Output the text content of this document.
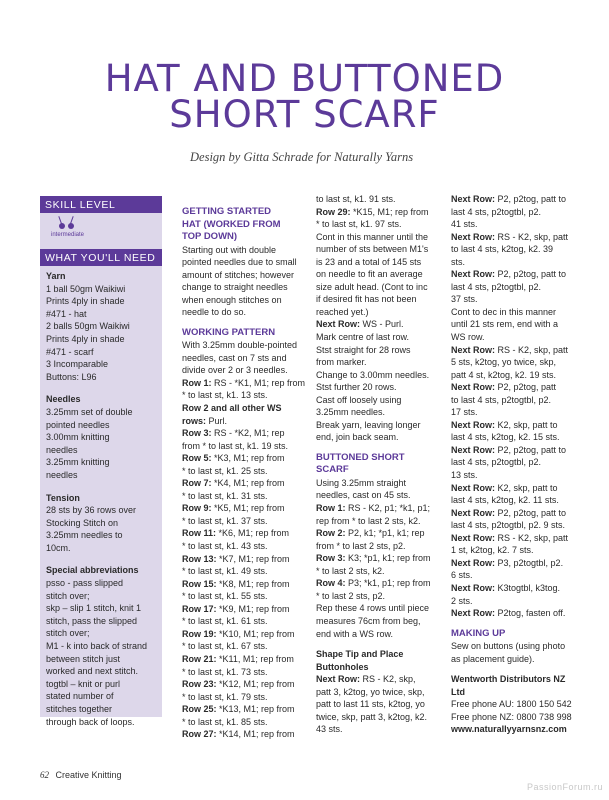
HAT AND BUTTONED
SHORT SCARF
Design by Gitta Schrade for Naturally Yarns
SKILL LEVEL
intermediate
WHAT YOU'LL NEED
Yarn
1 ball 50gm Waikiwi
Prints 4ply in shade
#471 - hat
2 balls 50gm Waikiwi
Prints 4ply in shade
#471 - scarf
3 Incomparable
Buttons: L96
Needles
3.25mm set of double
pointed needles
3.00mm knitting
needles
3.25mm knitting
needles
Tension
28 sts by 36 rows over
Stocking Stitch on
3.25mm needles to
10cm.
Special abbreviations
psso - pass slipped
stitch over;
skp – slip 1 stitch, knit 1
stitch, pass the slipped
stitch over;
M1 - k into back of strand
between stitch just
worked and next stitch.
togtbl – knit or purl
stated number of
stitches together
through back of loops.

GETTING STARTED

HAT (WORKED FROM

TOP DOWN)

Starting out with double

pointed needles due to small

amount of stitches; however

change to straight needles

when enough stitches on

needle to do so.

WORKING PATTERN

With 3.25mm double-pointed

needles, cast on 7 sts and

divide over 2 or 3 needles.

Row 1: RS - *K1, M1; rep from

* to last st, k1. 13 sts.

Row 2 and all other WS

rows: Purl.

Row 3: RS - *K2, M1; rep

from * to last st, k1. 19 sts.

Row 5: *K3, M1; rep from

* to last st, k1. 25 sts.

Row 7: *K4, M1; rep from

* to last st, k1. 31 sts.

Row 9: *K5, M1; rep from

* to last st, k1. 37 sts.

Row 11: *K6, M1; rep from

* to last st, k1. 43 sts.

Row 13: *K7, M1; rep from

* to last st, k1. 49 sts.

Row 15: *K8, M1; rep from

* to last st, k1. 55 sts.

Row 17: *K9, M1; rep from

* to last st, k1. 61 sts.

Row 19: *K10, M1; rep from

* to last st, k1. 67 sts.

Row 21: *K11, M1; rep from

* to last st, k1. 73 sts.

Row 23: *K12, M1; rep from

* to last st, k1. 79 sts.

Row 25: *K13, M1; rep from

* to last st, k1. 85 sts.

Row 27: *K14, M1; rep from

to last st, k1. 91 sts.

Row 29: *K15, M1; rep from

* to last st, k1. 97 sts.

Cont in this manner until the

number of sts between M1's

is 23 and a total of 145 sts

on needle to fit an average

size adult head. (Cont to inc

if desired fit has not been

reached yet.)

Next Row: WS - Purl.

Mark centre of last row.

Stst straight for 28 rows

from marker.

Change to 3.00mm needles.

Stst further 20 rows.

Cast off loosely using

3.25mm needles.

Break yarn, leaving longer

end, join back seam.

BUTTONED SHORT SCARF

Using 3.25mm straight

needles, cast on 45 sts.

Row 1: RS - K2, p1; *k1, p1;

rep from * to last 2 sts, k2.

Row 2: P2, k1; *p1, k1; rep

from * to last 2 sts, p2.

Row 3: K3; *p1, k1; rep from

* to last 2 sts, k2.

Row 4: P3; *k1, p1; rep from

* to last 2 sts, p2.

Rep these 4 rows until piece

measures 76cm from beg,

end with a WS row.

Shape Tip and Place

Buttonholes

Next Row: RS - K2, skp,

patt 3, k2tog, yo twice, skp,

patt to last 11 sts, k2tog, yo

twice, skp, patt 3, k2tog, k2.

43 sts.

Next Row: P2, p2tog, patt to

last 4 sts, p2togtbl, p2.

41 sts.

Next Row: RS - K2, skp, patt

to last 4 sts, k2tog, k2. 39

sts.

Next Row: P2, p2tog, patt to

last 4 sts, p2togtbl, p2.

37 sts.

Cont to dec in this manner

until 21 sts rem, end with a

WS row.

Next Row: RS - K2, skp, patt

5 sts, k2tog, yo twice, skp,

patt 4 st, k2tog, k2. 19 sts.

Next Row: P2, p2tog, patt

to last 4 sts, p2togtbl, p2.

17 sts.

Next Row: K2, skp, patt to

last 4 sts, k2tog, k2. 15 sts.

Next Row: P2, p2tog, patt to

last 4 sts, p2togtbl, p2.

13 sts.

Next Row: K2, skp, patt to

last 4 sts, k2tog, k2. 11 sts.

Next Row: P2, p2tog, patt to

last 4 sts, p2togtbl, p2. 9 sts.

Next Row: RS - K2, skp, patt

1 st, k2tog, k2. 7 sts.

Next Row: P3, p2togtbl, p2.

6 sts.

Next Row: K3togtbl, k3tog.

2 sts.

Next Row: P2tog, fasten off.

MAKING UP

Sew on buttons (using photo

as placement guide).

Wentworth Distributors NZ Ltd

Free phone AU: 1800 150 542

Free phone NZ: 0800 738 998

www.naturallyyarnsnz.com

62 Creative Knitting
PassionForum.ru
